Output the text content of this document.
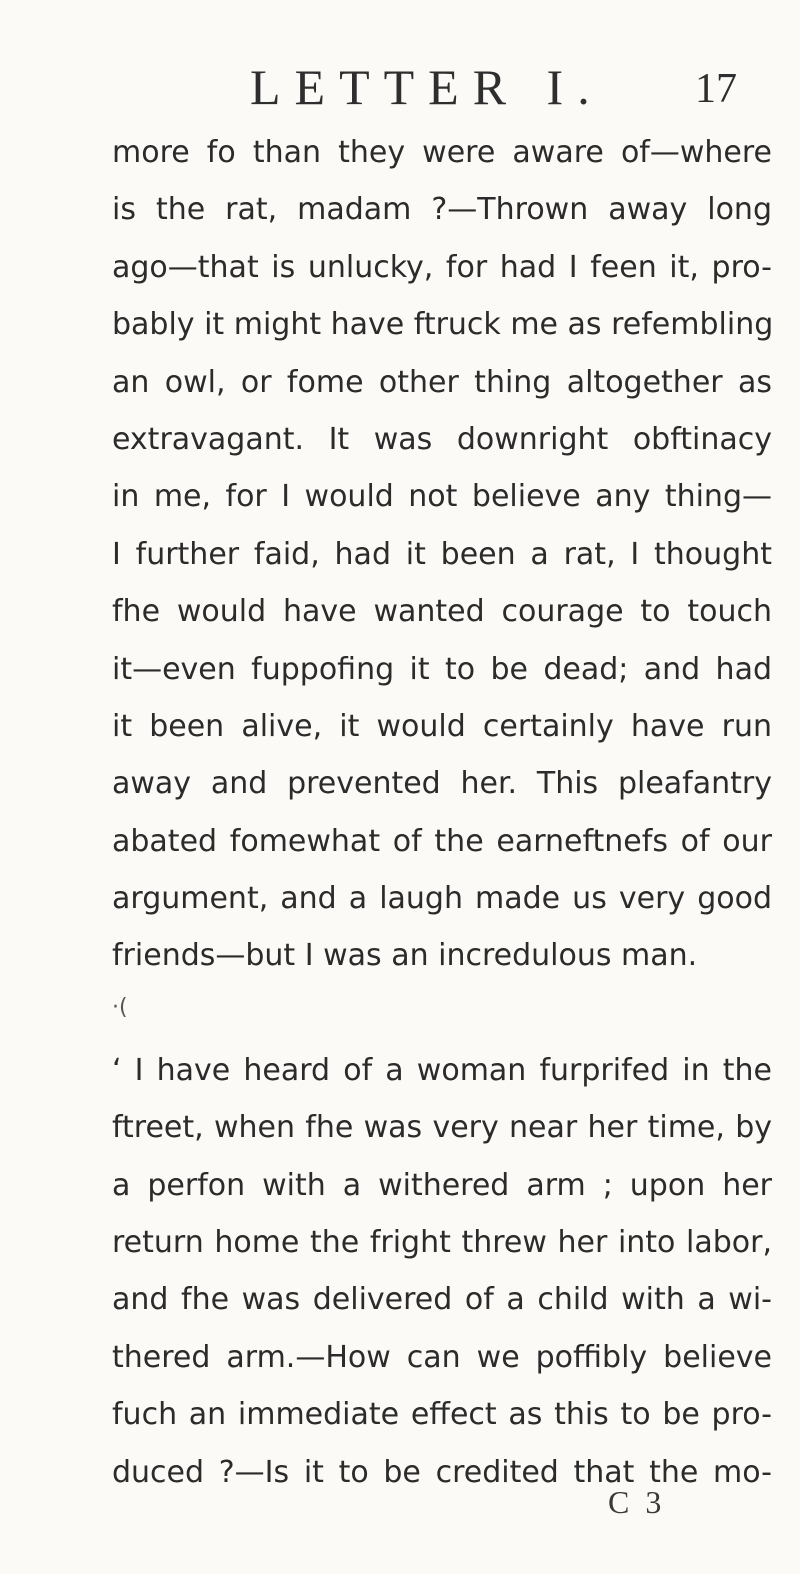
LETTER I. 17
more fo than they were aware of—where
is the rat, madam ?—Thrown away long
ago—that is unlucky, for had I feen it, pro-
bably it might have ftruck me as refembling
an owl, or fome other thing altogether as
extravagant. It was downright obftinacy
in me, for I would not believe any thing—
I further faid, had it been a rat, I thought
fhe would have wanted courage to touch
it—even fuppofing it to be dead; and had
it been alive, it would certainly have run
away and prevented her. This pleafantry
abated fomewhat of the earneftnefs of our
argument, and a laugh made us very good
friends—but I was an incredulous man.
·(
‘ I have heard of a woman furprifed in the
ftreet, when fhe was very near her time, by
a perfon with a withered arm ; upon her
return home the fright threw her into labor,
and fhe was delivered of a child with a wi-
thered arm.—How can we poffibly believe
fuch an immediate effect as this to be pro-
duced ?—Is it to be credited that the mo-
C 3
